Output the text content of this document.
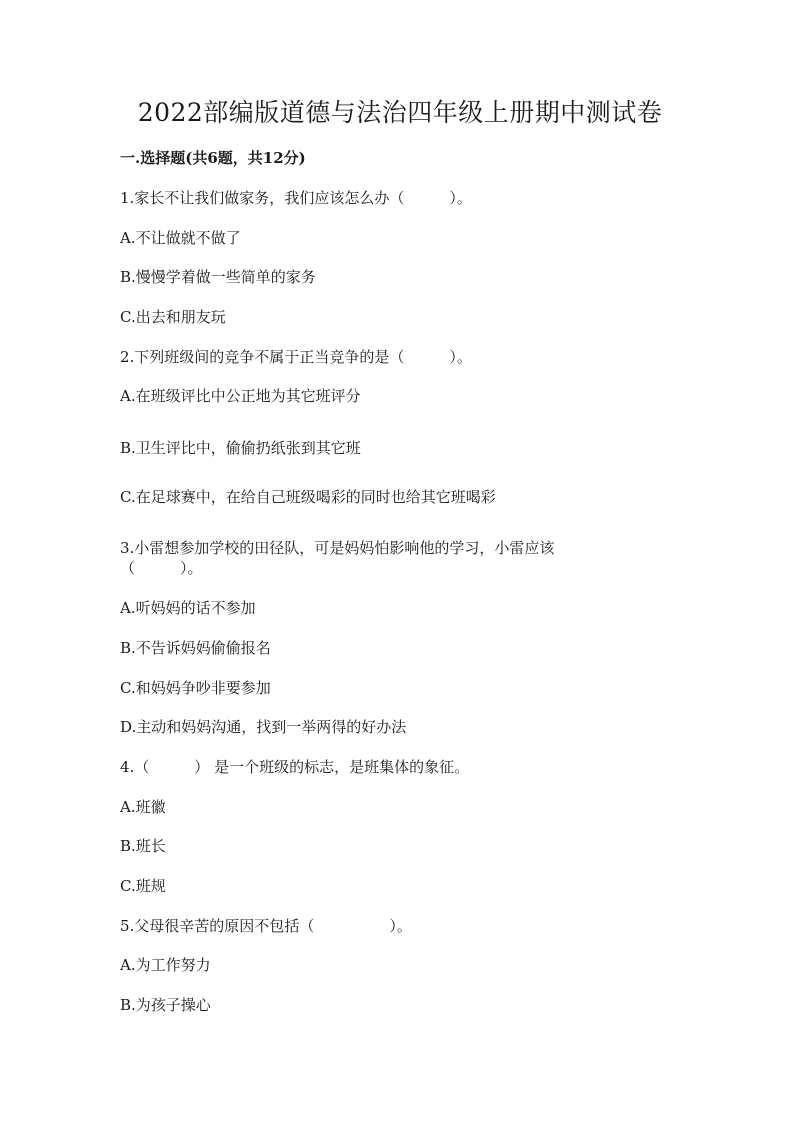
2022部编版道德与法治四年级上册期中测试卷
一.选择题(共6题，共12分)
1.家长不让我们做家务，我们应该怎么办（　　　）。
A.不让做就不做了
B.慢慢学着做一些简单的家务
C.出去和朋友玩
2.下列班级间的竞争不属于正当竞争的是（　　　）。
A.在班级评比中公正地为其它班评分
B.卫生评比中，偷偷扔纸张到其它班
C.在足球赛中，在给自己班级喝彩的同时也给其它班喝彩
3.小雷想参加学校的田径队，可是妈妈怕影响他的学习，小雷应该
（　　　）。
A.听妈妈的话不参加
B.不告诉妈妈偷偷报名
C.和妈妈争吵非要参加
D.主动和妈妈沟通，找到一举两得的好办法
4.（　　　） 是一个班级的标志，是班集体的象征。
A.班徽
B.班长
C.班规
5.父母很辛苦的原因不包括（　　　　　）。
A.为工作努力
B.为孩子操心
